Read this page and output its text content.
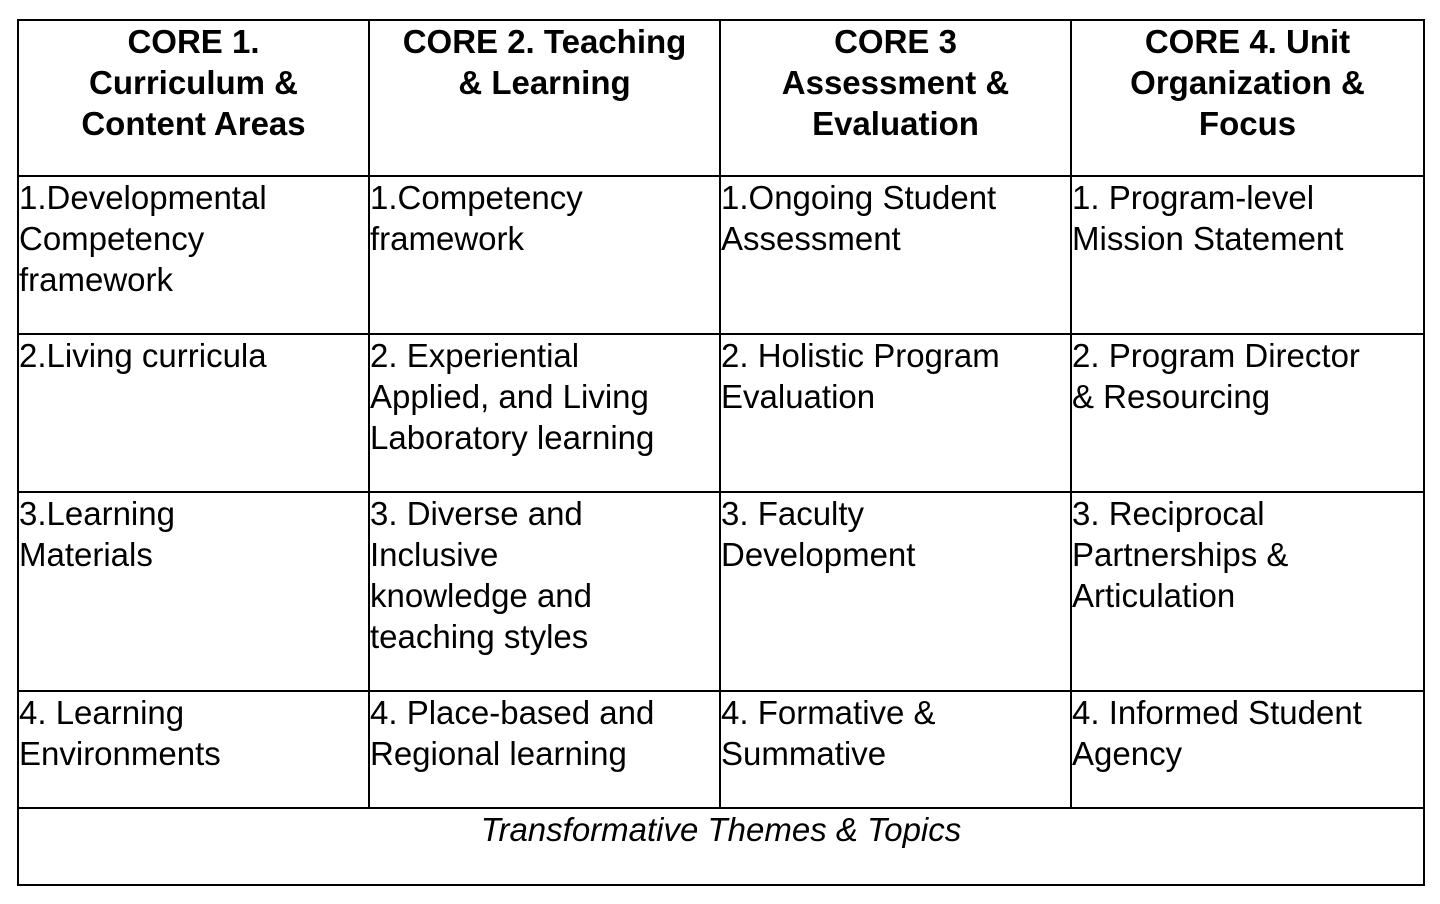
CORE 1.
Curriculum &
Content Areas	CORE 2. Teaching
& Learning	CORE 3
Assessment &
Evaluation	CORE 4. Unit
Organization &
Focus

1.Developmental
Competency
framework	1.Competency
framework	1.Ongoing Student
Assessment	1. Program-level
Mission Statement

2.Living curricula	2. Experiential
Applied, and Living
Laboratory learning	2. Holistic Program
Evaluation	2. Program Director
& Resourcing

3.Learning
Materials	3. Diverse and
Inclusive
knowledge and
teaching styles	3. Faculty
Development	3. Reciprocal
Partnerships &
Articulation

4. Learning
Environments	4. Place-based and
Regional learning	4. Formative &
Summative	4. Informed Student
Agency

Transformative Themes & Topics			
